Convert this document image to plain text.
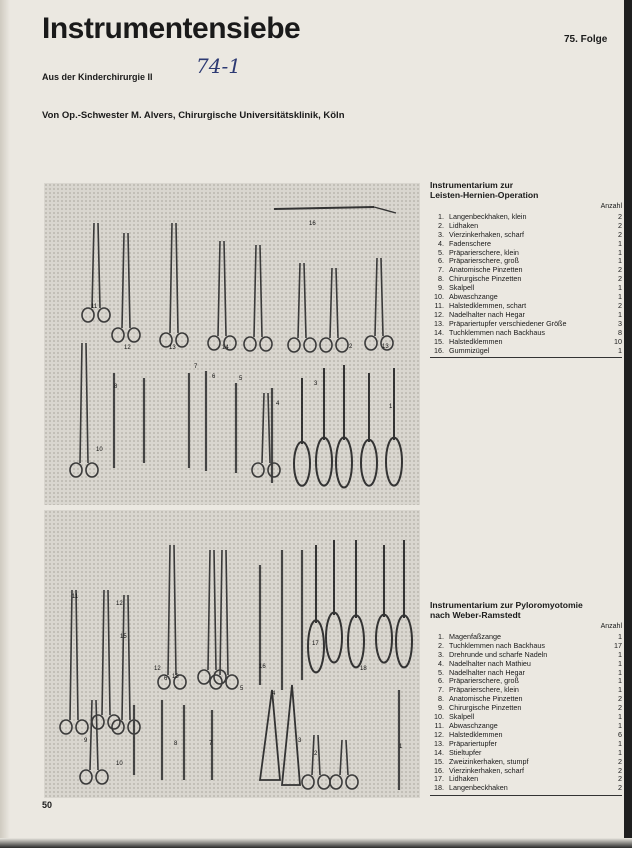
Instrumentensiebe	75. Folge
74-1
Aus der Kinderchirurgie II
Von Op.-Schwester M. Alvers, Chirurgische Universitätsklinik, Köln
16
11
12	13	14	2	13
8
7
6	5
3
4	1
10
11
12
15
12
13
16
17
18
9
10
8	7
5
4
3
2
1
6
Instrumentarium zur
Leisten-Hernien-Operation
Anzahl
1. Langenbeckhaken, klein	2
2. Lidhaken	2
3. Vierzinkerhaken, scharf	2
4. Fadenschere	1
5. Präparierschere, klein	1
6. Präparierschere, groß	1
7. Anatomische Pinzetten	2
8. Chirurgische Pinzetten	2
9. Skalpell	1
10. Abwaschzange	1
11. Halstedklemmen, schart	2
12. Nadelhalter nach Hegar	1
13. Präpariertupfer verschiedener Größe	3
14. Tuchklemmen nach Backhaus	8
15. Halstedklemmen	10
16. Gummizügel	1
Instrumentarium zur Pyloromyotomie
nach Weber-Ramstedt
Anzahl
1. Magenfaßzange	1
2. Tuchklemmen nach Backhaus	17
3. Drehrunde und scharfe Nadeln	1
4. Nadelhalter nach Mathieu	1
5. Nadelhalter nach Hegar	1
6. Präparierschere, groß	1
7. Präparierschere, klein	1
8. Anatomische Pinzetten	2
9. Chirurgische Pinzetten	2
10. Skalpell	1
11. Abwaschzange	1
12. Halstedklemmen	6
13. Präpariertupfer	1
14. Stieltupfer	1
15. Zweizinkerhaken, stumpf	2
16. Vierzinkerhaken, scharf	2
17. Lidhaken	2
18. Langenbeckhaken	2
50
